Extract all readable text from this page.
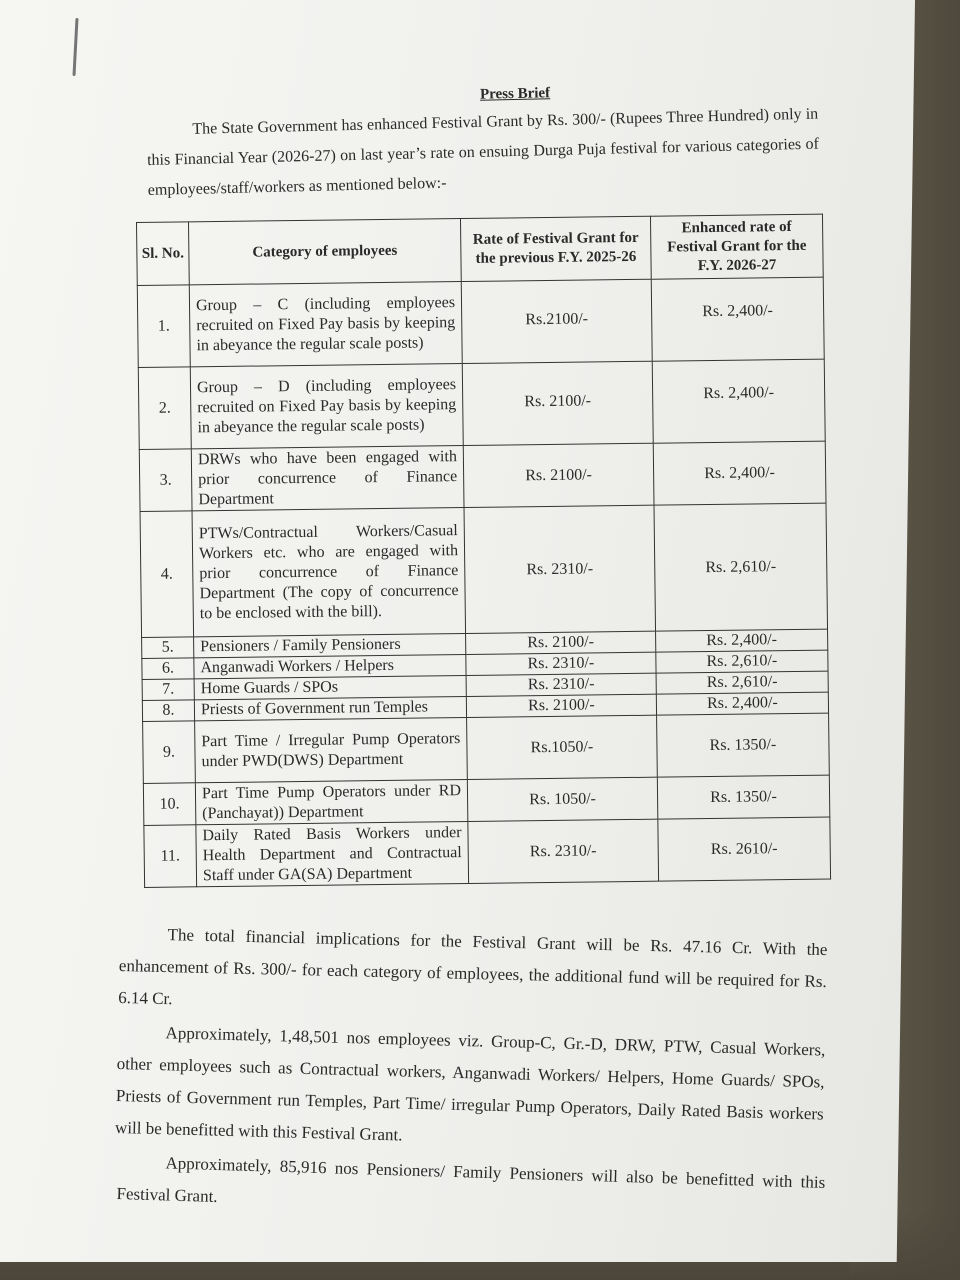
Press Brief

The State Government has enhanced Festival Grant by Rs. 300/- (Rupees Three Hundred) only in this Financial Year (2026-27) on last year’s rate on ensuing Durga Puja festival for various categories of employees/staff/workers as mentioned below:-

Sl. No.	Category of employees	Rate of Festival Grant for the previous F.Y. 2025-26	Enhanced rate of Festival Grant for the F.Y. 2026-27
1.	Group – C (including employees recruited on Fixed Pay basis by keeping in abeyance the regular scale posts)	Rs.2100/-	Rs. 2,400/-
2.	Group – D (including employees recruited on Fixed Pay basis by keeping in abeyance the regular scale posts)	Rs. 2100/-	Rs. 2,400/-
3.	DRWs who have been engaged with prior concurrence of Finance Department	Rs. 2100/-	Rs. 2,400/-
4.	PTWs/Contractual Workers/Casual Workers etc. who are engaged with prior concurrence of Finance Department (The copy of concurrence to be enclosed with the bill).	Rs. 2310/-	Rs. 2,610/-
5.	Pensioners / Family Pensioners	Rs. 2100/-	Rs. 2,400/-
6.	Anganwadi Workers / Helpers	Rs. 2310/-	Rs. 2,610/-
7.	Home Guards / SPOs	Rs. 2310/-	Rs. 2,610/-
8.	Priests of Government run Temples	Rs. 2100/-	Rs. 2,400/-
9.	Part Time / Irregular Pump Operators under PWD(DWS) Department	Rs.1050/-	Rs. 1350/-
10.	Part Time Pump Operators under RD (Panchayat)) Department	Rs. 1050/-	Rs. 1350/-
11.	Daily Rated Basis Workers under Health Department and Contractual Staff under GA(SA) Department	Rs. 2310/-	Rs. 2610/-

The total financial implications for the Festival Grant will be Rs. 47.16 Cr. With the enhancement of Rs. 300/- for each category of employees, the additional fund will be required for Rs. 6.14 Cr.

Approximately, 1,48,501 nos employees viz. Group-C, Gr.-D, DRW, PTW, Casual Workers, other employees such as Contractual workers, Anganwadi Workers/ Helpers, Home Guards/ SPOs, Priests of Government run Temples, Part Time/ irregular Pump Operators, Daily Rated Basis workers will be benefitted with this Festival Grant.

Approximately, 85,916 nos Pensioners/ Family Pensioners will also be benefitted with this Festival Grant.
